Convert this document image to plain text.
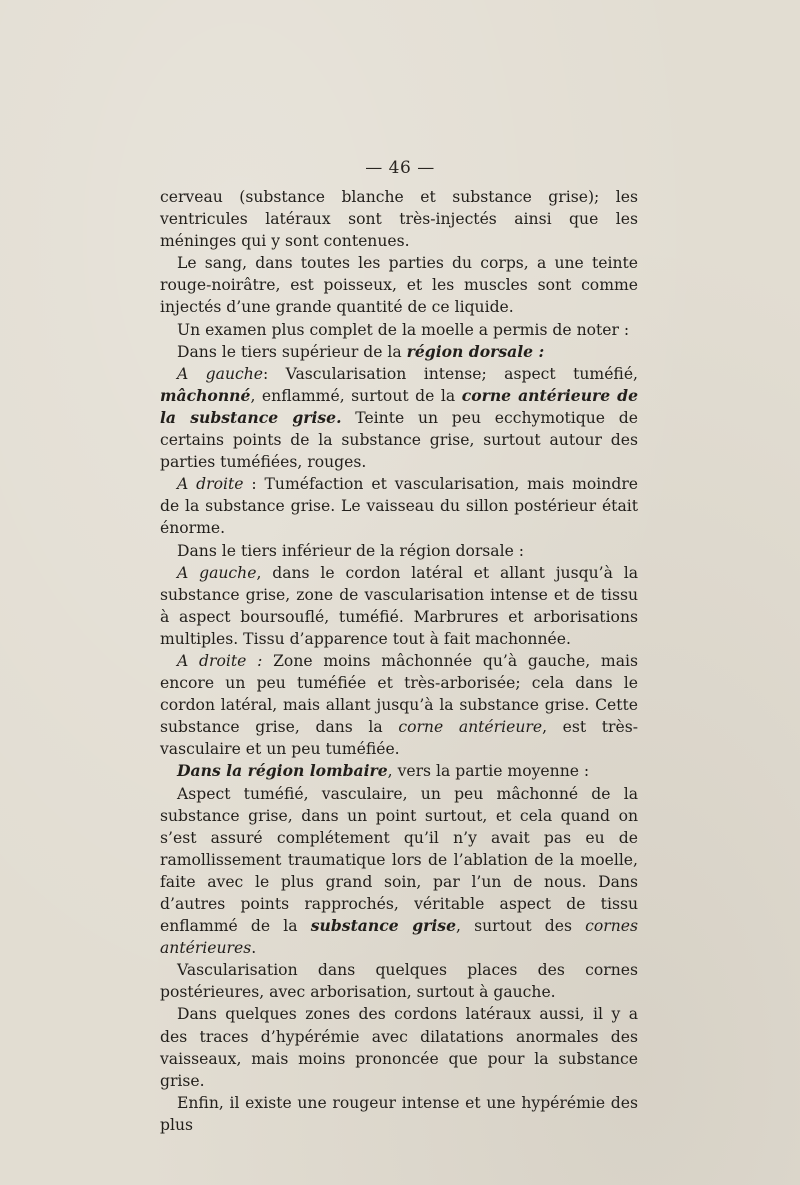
— 46 —

cerveau (substance blanche et substance grise); les ventricules latéraux sont très-injectés ainsi que les méninges qui y sont contenues.

Le sang, dans toutes les parties du corps, a une teinte rouge-noirâtre, est poisseux, et les muscles sont comme injectés d’une grande quantité de ce liquide.

Un examen plus complet de la moelle a permis de noter :

Dans le tiers supérieur de la région dorsale :

A gauche: Vascularisation intense; aspect tuméfié, mâchonné, enflammé, surtout de la corne antérieure de la substance grise. Teinte un peu ecchymotique de certains points de la substance grise, surtout autour des parties tuméfiées, rouges.

A droite : Tuméfaction et vascularisation, mais moindre de la substance grise. Le vaisseau du sillon postérieur était énorme.

Dans le tiers inférieur de la région dorsale :

A gauche, dans le cordon latéral et allant jusqu’à la substance grise, zone de vascularisation intense et de tissu à aspect boursouflé, tuméfié. Marbrures et arborisations multiples. Tissu d’apparence tout à fait machonnée.

A droite : Zone moins mâchonnée qu’à gauche, mais encore un peu tuméfiée et très-arborisée; cela dans le cordon latéral, mais allant jusqu’à la substance grise. Cette substance grise, dans la corne antérieure, est très-vasculaire et un peu tuméfiée.

Dans la région lombaire, vers la partie moyenne :

Aspect tuméfié, vasculaire, un peu mâchonné de la substance grise, dans un point surtout, et cela quand on s’est assuré complétement qu’il n’y avait pas eu de ramollissement traumatique lors de l’ablation de la moelle, faite avec le plus grand soin, par l’un de nous. Dans d’autres points rapprochés, véritable aspect de tissu enflammé de la substance grise, surtout des cornes antérieures.

Vascularisation dans quelques places des cornes postérieures, avec arborisation, surtout à gauche.

Dans quelques zones des cordons latéraux aussi, il y a des traces d’hypérémie avec dilatations anormales des vaisseaux, mais moins prononcée que pour la substance grise.

Enfin, il existe une rougeur intense et une hypérémie des plus
